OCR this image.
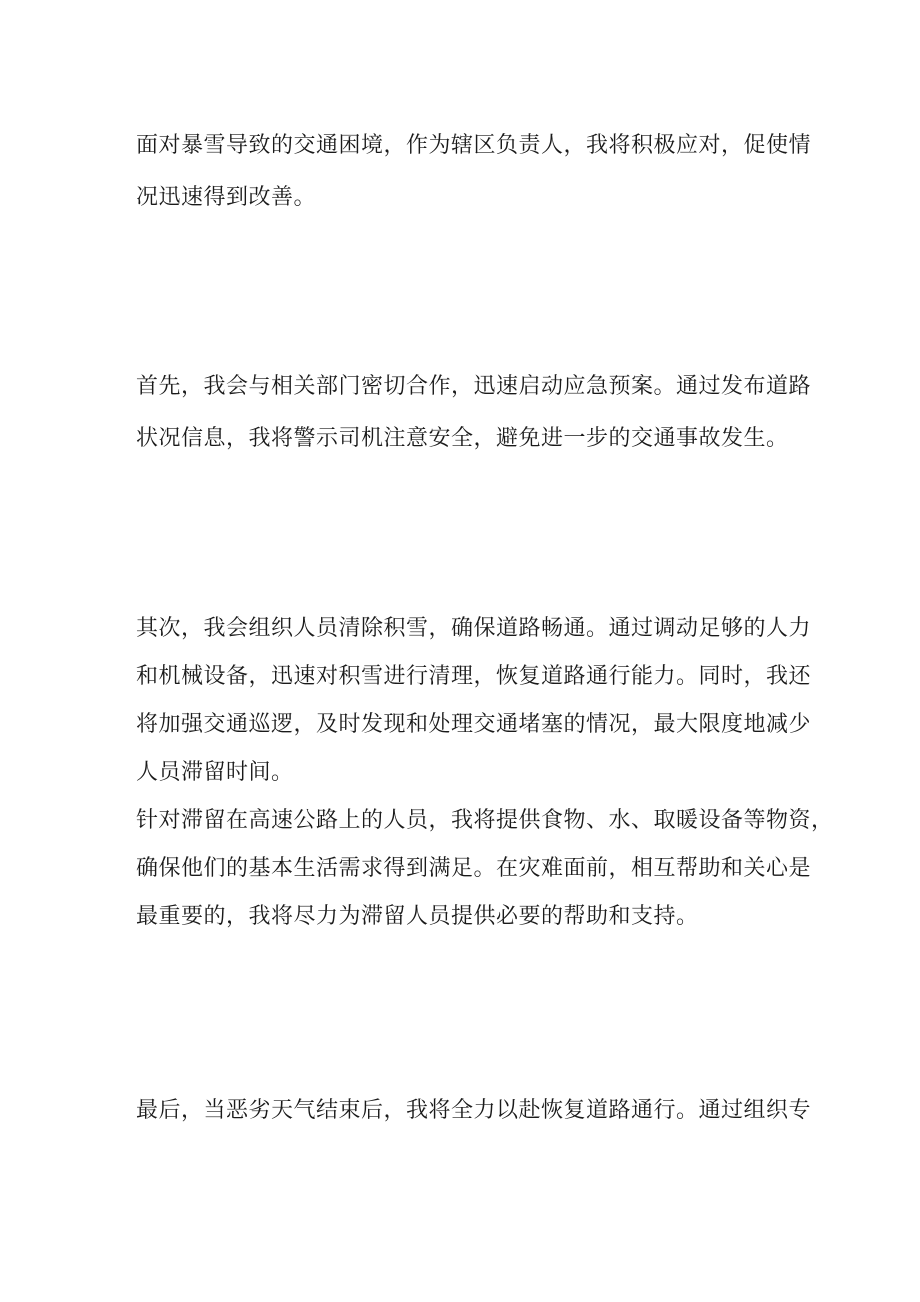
面对暴雪导致的交通困境，作为辖区负责人，我将积极应对，促使情

况迅速得到改善。

首先，我会与相关部门密切合作，迅速启动应急预案。通过发布道路

状况信息，我将警示司机注意安全，避免进一步的交通事故发生。

其次，我会组织人员清除积雪，确保道路畅通。通过调动足够的人力

和机械设备，迅速对积雪进行清理，恢复道路通行能力。同时，我还

将加强交通巡逻，及时发现和处理交通堵塞的情况，最大限度地减少

人员滞留时间。

针对滞留在高速公路上的人员，我将提供食物、水、取暖设备等物资，

确保他们的基本生活需求得到满足。在灾难面前，相互帮助和关心是

最重要的，我将尽力为滞留人员提供必要的帮助和支持。

最后，当恶劣天气结束后，我将全力以赴恢复道路通行。通过组织专
